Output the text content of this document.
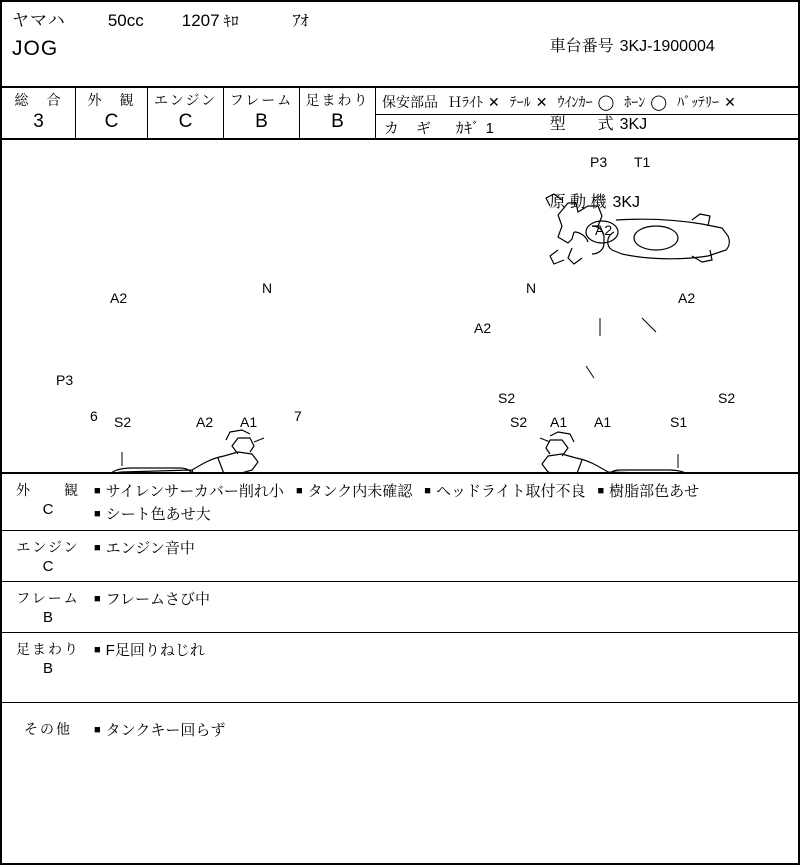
ヤマハ 50cc 1207 ｷﾛ	ｱｵ
JOG	車台番号 3KJ-1900004

型　　式 3KJ

原 動 機 3KJ

総　合
3
外　観
C
エンジン
C
フレーム
B
足まわり
B
保安部品 Ｈﾗｲﾄ ✕ ﾃｰﾙ ✕ ｳｲﾝｶｰ ◯ ﾎｰﾝ ◯ ﾊﾞｯﾃﾘｰ ✕
カ　ギ ｶｷﾞ 1
P3 T1
A2
A2
N
P3
6 S2	A2 A1	7
N
A2
A2
S2	S2
S2 A1 A1	S1
外　　観
C
■ サイレンサーカバー削れ小 ■ タンク内未確認 ■ ヘッドライト取付不良 ■ 樹脂部色あせ■ シート色あせ大
エンジン
C
■ エンジン音中
フレーム
B
■ フレームさび中
足まわり
B
■ F足回りねじれ
その他	■ タンクキー回らず
